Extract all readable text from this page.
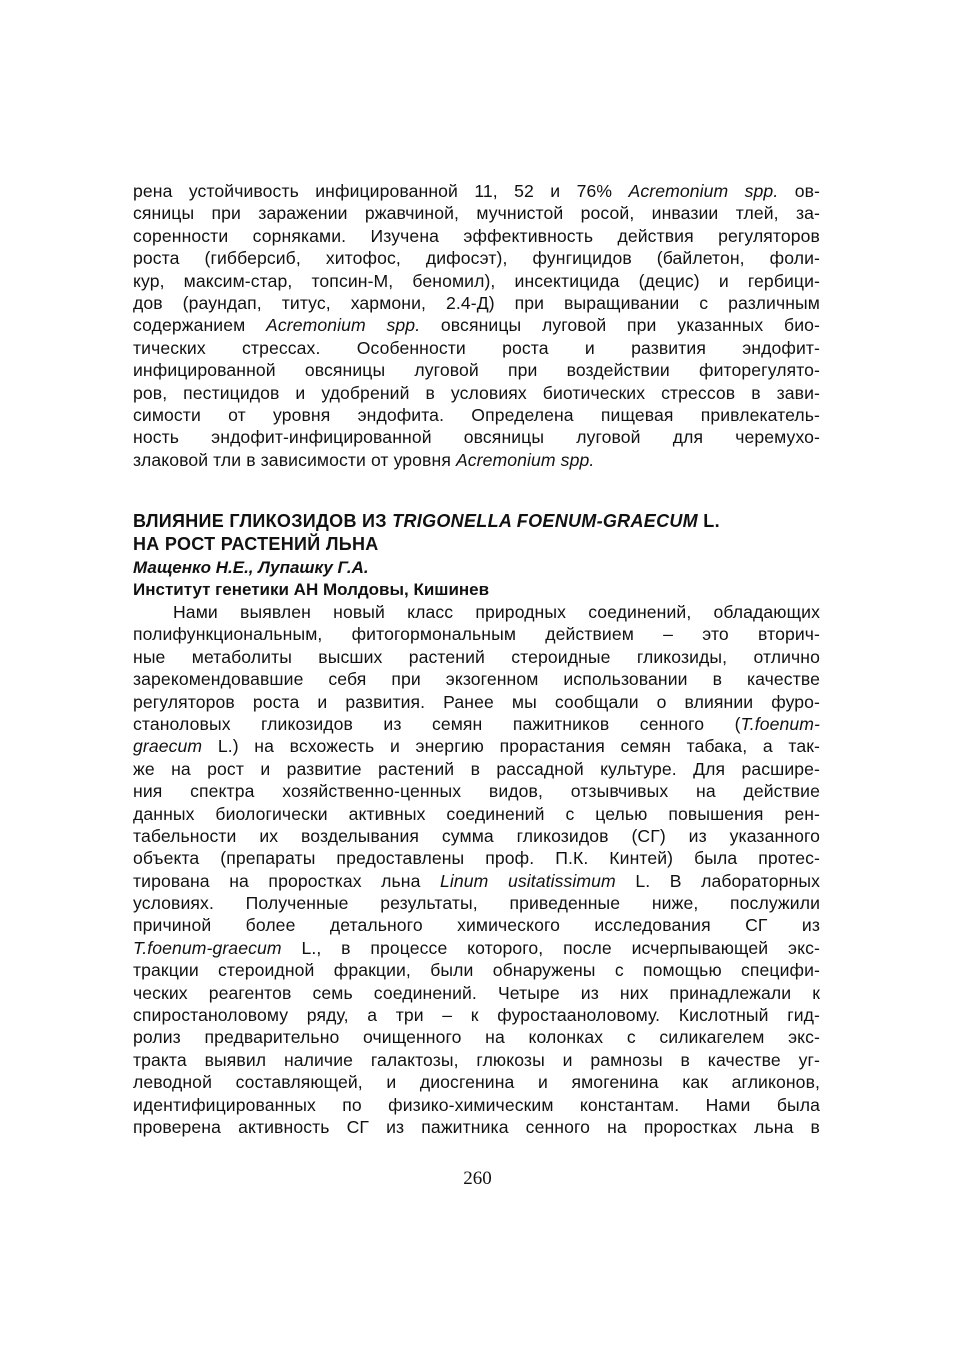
рена устойчивость инфицированной 11, 52 и 76% Acremonium spp. ов-
сяницы при заражении ржавчиной, мучнистой росой, инвазии тлей, за-
соренности сорняками. Изучена эффективность действия регуляторов
роста (гибберсиб, хитофос, дифосэт), фунгицидов (байлетон, фоли-
кур, максим-стар, топсин-М, беномил), инсектицида (децис) и гербици-
дов (раундап, титус, хармони, 2.4-Д) при выращивании с различным
содержанием Acremonium spp. овсяницы луговой при указанных био-
тических стрессах. Особенности роста и развития эндофит-
инфицированной овсяницы луговой при воздействии фиторегулято-
ров, пестицидов и удобрений в условиях биотических стрессов в зави-
симости от уровня эндофита. Определена пищевая привлекатель-
ность эндофит-инфицированной овсяницы луговой для черемухо-
злаковой тли в зависимости от уровня Acremonium spp.
ВЛИЯНИЕ ГЛИКОЗИДОВ ИЗ TRIGONELLA FOENUM-GRAECUM L.
НА РОСТ РАСТЕНИЙ ЛЬНА
Мащенко Н.Е., Лупашку Г.А.
Институт генетики АН Молдовы, Кишинев
Нами выявлен новый класс природных соединений, обладающих
полифункциональным, фитогормональным действием – это вторич-
ные метаболиты высших растений стероидные гликозиды, отлично
зарекомендовавшие себя при экзогенном использовании в качестве
регуляторов роста и развития. Ранее мы сообщали о влиянии фуро-
станоловых гликозидов из семян пажитников сенного (T.foenum-
graecum L.) на всхожесть и энергию прорастания семян табака, а так-
же на рост и развитие растений в рассадной культуре. Для расшире-
ния спектра хозяйственно-ценных видов, отзывчивых на действие
данных биологически активных соединений с целью повышения рен-
табельности их возделывания сумма гликозидов (СГ) из указанного
объекта (препараты предоставлены проф. П.К. Кинтей) была протес-
тирована на проростках льна Linum usitatissimum L. В лабораторных
условиях. Полученные результаты, приведенные ниже, послужили
причиной более детального химического исследования СГ из
T.foenum-graecum L., в процессе которого, после исчерпывающей экс-
тракции стероидной фракции, были обнаружены с помощью специфи-
ческих реагентов семь соединений. Четыре из них принадлежали к
спиростаноловому ряду, а три – к фуростааноловому. Кислотный гид-
ролиз предварительно очищенного на колонках с силикагелем экс-
тракта выявил наличие галактозы, глюкозы и рамнозы в качестве уг-
леводной составляющей, и диосгенина и ямогенина как агликонов,
идентифицированных по физико-химическим константам. Нами была
проверена активность СГ из пажитника сенного на проростках льна в
260
